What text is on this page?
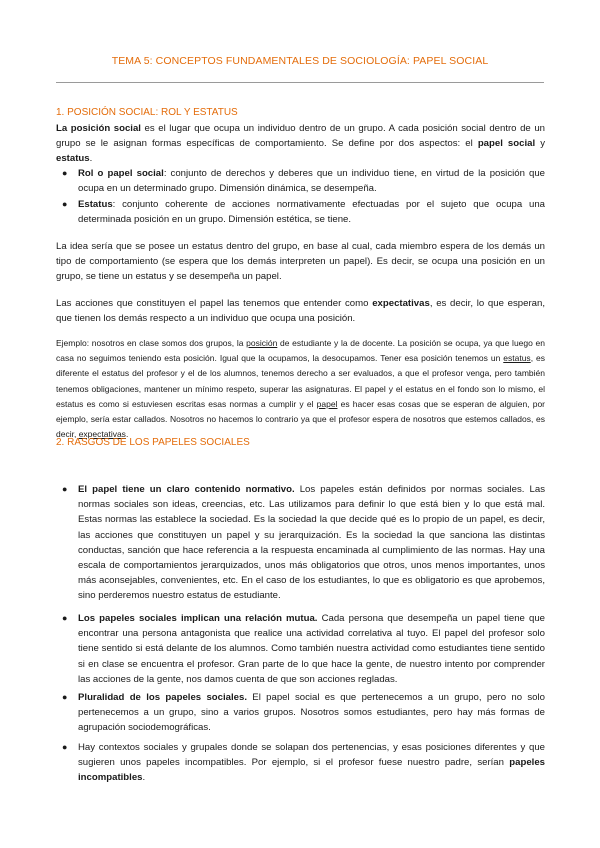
TEMA 5: CONCEPTOS FUNDAMENTALES DE SOCIOLOGÍA: PAPEL SOCIAL
1. POSICIÓN SOCIAL: ROL Y ESTATUS

La posición social es el lugar que ocupa un individuo dentro de un grupo. A cada posición social dentro de un grupo se le asignan formas específicas de comportamiento. Se define por dos aspectos: el papel social y estatus.

● Rol o papel social: conjunto de derechos y deberes que un individuo tiene, en virtud de la posición que ocupa en un determinado grupo. Dimensión dinámica, se desempeña.

● Estatus: conjunto coherente de acciones normativamente efectuadas por el sujeto que ocupa una determinada posición en un grupo. Dimensión estética, se tiene.

La idea sería que se posee un estatus dentro del grupo, en base al cual, cada miembro espera de los demás un tipo de comportamiento (se espera que los demás interpreten un papel). Es decir, se ocupa una posición en un grupo, se tiene un estatus y se desempeña un papel.

Las acciones que constituyen el papel las tenemos que entender como expectativas, es decir, lo que esperan, que tienen los demás respecto a un individuo que ocupa una posición.

Ejemplo: nosotros en clase somos dos grupos, la posición de estudiante y la de docente. La posición se ocupa, ya que luego en casa no seguimos teniendo esta posición. Igual que la ocupamos, la desocupamos. Tener esa posición tenemos un estatus, es diferente el estatus del profesor y el de los alumnos, tenemos derecho a ser evaluados, a que el profesor venga, pero también tenemos obligaciones, mantener un mínimo respeto, superar las asignaturas. El papel y el estatus en el fondo son lo mismo, el estatus es como si estuviesen escritas esas normas a cumplir y el papel es hacer esas cosas que se esperan de alguien, por ejemplo, sería estar callados. Nosotros no hacemos lo contrario ya que el profesor espera de nosotros que estemos callados, es decir, expectativas.

2. RASGOS DE LOS PAPELES SOCIALES

● El papel tiene un claro contenido normativo. Los papeles están definidos por normas sociales. Las normas sociales son ideas, creencias, etc. Las utilizamos para definir lo que está bien y lo que está mal. Estas normas las establece la sociedad. Es la sociedad la que decide qué es lo propio de un papel, es decir, las acciones que constituyen un papel y su jerarquización. Es la sociedad la que sanciona las distintas conductas, sanción que hace referencia a la respuesta encaminada al cumplimiento de las normas. Hay una escala de comportamientos jerarquizados, unos más obligatorios que otros, unos menos importantes, unos más aconsejables, convenientes, etc. En el caso de los estudiantes, lo que es obligatorio es que aprobemos, sino perderemos nuestro estatus de estudiante.

● Los papeles sociales implican una relación mutua. Cada persona que desempeña un papel tiene que encontrar una persona antagonista que realice una actividad correlativa al tuyo. El papel del profesor solo tiene sentido si está delante de los alumnos. Como también nuestra actividad como estudiantes tiene sentido si en clase se encuentra el profesor. Gran parte de lo que hace la gente, de nuestro intento por comprender las acciones de la gente, nos damos cuenta de que son acciones regladas.

● Pluralidad de los papeles sociales. El papel social es que pertenecemos a un grupo, pero no solo pertenecemos a un grupo, sino a varios grupos. Nosotros somos estudiantes, pero hay más formas de agrupación sociodemográficas.

● Hay contextos sociales y grupales donde se solapan dos pertenencias, y esas posiciones diferentes y que sugieren unos papeles incompatibles. Por ejemplo, si el profesor fuese nuestro padre, serían papeles incompatibles.
